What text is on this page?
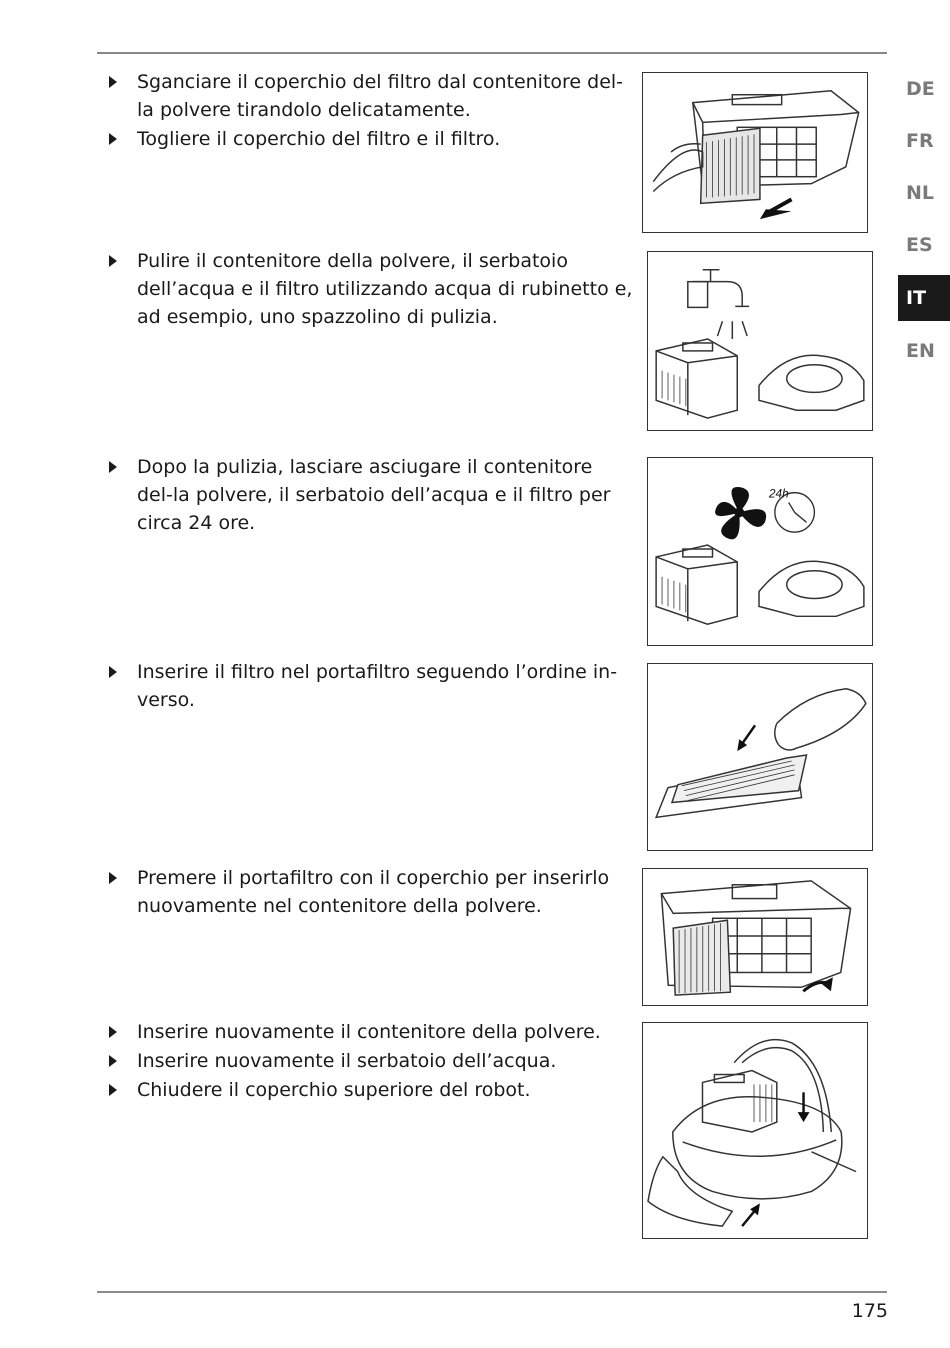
DE
FR
NL
ES
IT
EN
Sganciare il coperchio del filtro dal contenitore del-la polvere tirandolo delicatamente.
Togliere il coperchio del filtro e il filtro.
Pulire il contenitore della polvere, il serbatoio dell’acqua e il filtro utilizzando acqua di rubinetto e, ad esempio, uno spazzolino di pulizia.
Dopo la pulizia, lasciare asciugare il contenitore del-la polvere, il serbatoio dell’acqua e il filtro per circa 24 ore.
24h
Inserire il filtro nel portafiltro seguendo l’ordine in-verso.
Premere il portafiltro con il coperchio per inserirlo nuovamente nel contenitore della polvere.
Inserire nuovamente il contenitore della polvere.
Inserire nuovamente il serbatoio dell’acqua.
Chiudere il coperchio superiore del robot.
175
